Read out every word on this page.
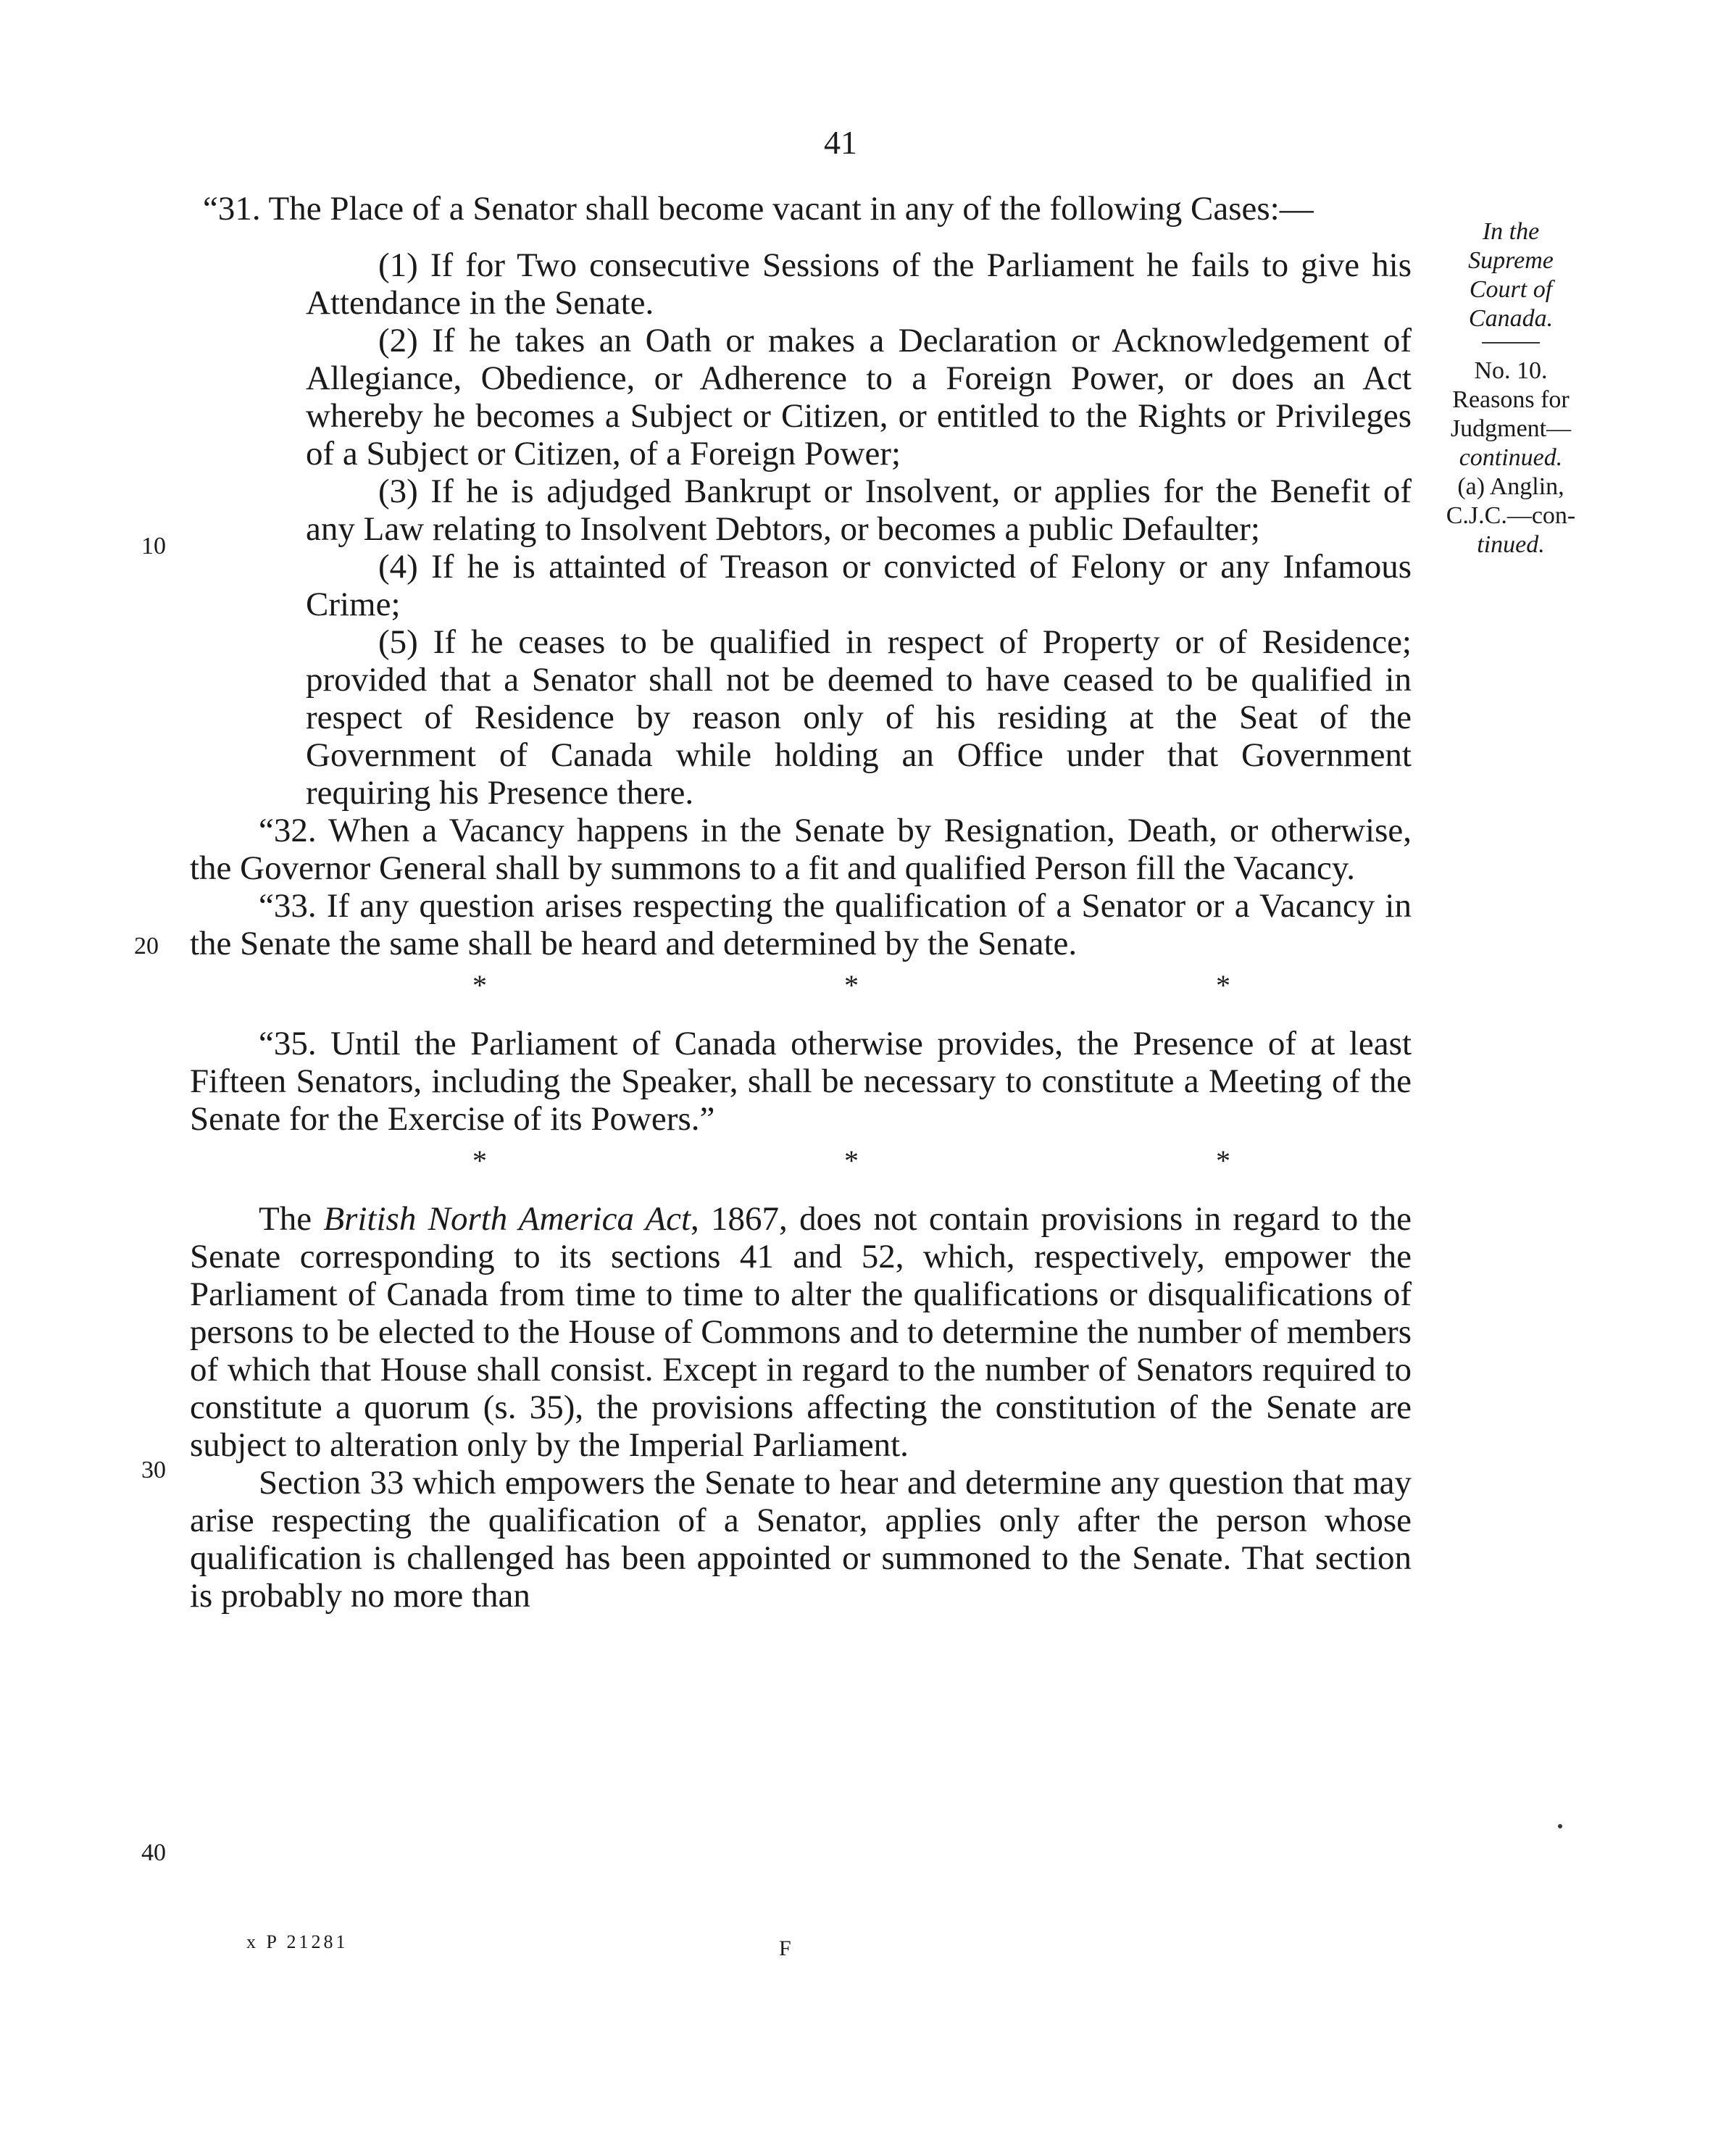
41
In the
Supreme
Court of
Canada.
No. 10.
Reasons for
Judgment—
continued.
(a) Anglin,
C.J.C.—con-
tinued.
10
20
30
40

“31. The Place of a Senator shall become vacant in any of the following Cases:—

(1) If for Two consecutive Sessions of the Parliament he fails to give his Attendance in the Senate.

(2) If he takes an Oath or makes a Declaration or Acknowledgement of Allegiance, Obedience, or Adherence to a Foreign Power, or does an Act whereby he becomes a Subject or Citizen, or entitled to the Rights or Privileges of a Subject or Citizen, of a Foreign Power;

(3) If he is adjudged Bankrupt or Insolvent, or applies for the Benefit of any Law relating to Insolvent Debtors, or becomes a public Defaulter;

(4) If he is attainted of Treason or convicted of Felony or any Infamous Crime;

(5) If he ceases to be qualified in respect of Property or of Residence; provided that a Senator shall not be deemed to have ceased to be qualified in respect of Residence by reason only of his residing at the Seat of the Government of Canada while holding an Office under that Government requiring his Presence there.

“32. When a Vacancy happens in the Senate by Resignation, Death, or otherwise, the Governor General shall by summons to a fit and qualified Person fill the Vacancy.

“33. If any question arises respecting the qualification of a Senator or a Vacancy in the Senate the same shall be heard and determined by the Senate.

*	*	*

“35. Until the Parliament of Canada otherwise provides, the Presence of at least Fifteen Senators, including the Speaker, shall be necessary to constitute a Meeting of the Senate for the Exercise of its Powers.”

*	*	*

The British North America Act, 1867, does not contain provisions in regard to the Senate corresponding to its sections 41 and 52, which, respectively, empower the Parliament of Canada from time to time to alter the qualifications or disqualifications of persons to be elected to the House of Commons and to determine the number of members of which that House shall consist. Except in regard to the number of Senators required to constitute a quorum (s. 35), the provisions affecting the constitution of the Senate are subject to alteration only by the Imperial Parliament.

Section 33 which empowers the Senate to hear and determine any question that may arise respecting the qualification of a Senator, applies only after the person whose qualification is challenged has been appointed or summoned to the Senate. That section is probably no more than

x P 21281	F
